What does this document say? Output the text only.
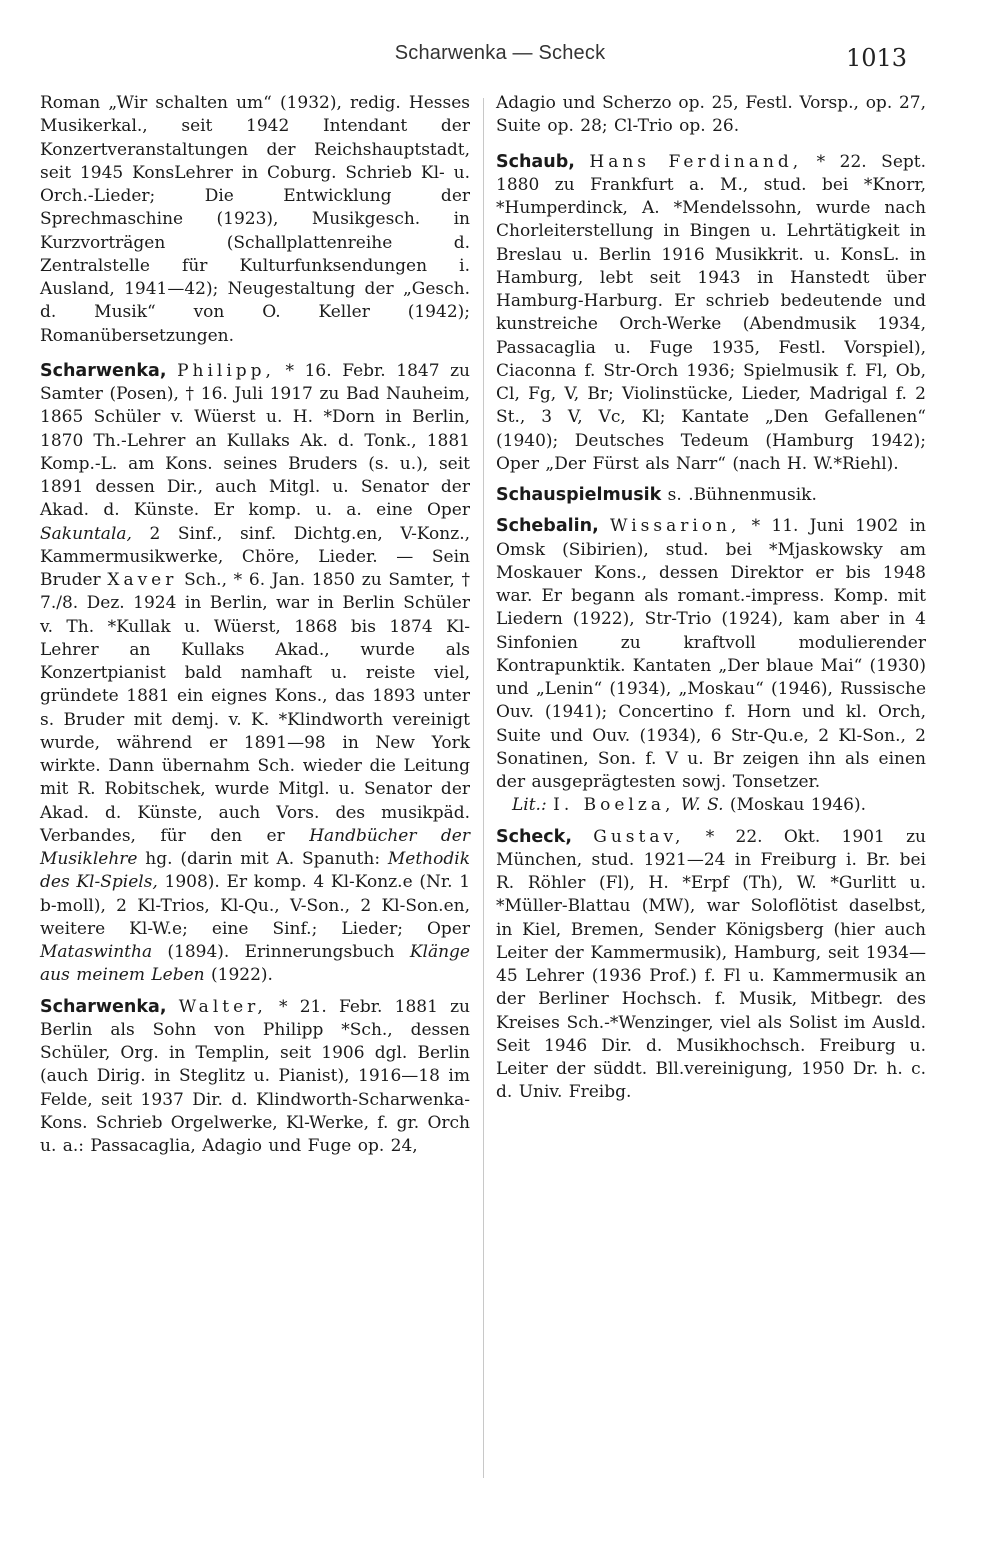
Scharwenka — Scheck	1013

Roman „Wir schalten um“ (1932), redig. Hesses Musikerkal., seit 1942 Intendant der Konzertveranstaltungen der Reichshauptstadt, seit 1945 KonsLehrer in Coburg. Schrieb Kl- u. Orch.-Lieder; Die Entwicklung der Sprechmaschine (1923), Musikgesch. in Kurzvorträgen (Schallplattenreihe d. Zentralstelle für Kulturfunksendungen i. Ausland, 1941—42); Neugestaltung der „Gesch. d. Musik“ von O. Keller (1942); Romanübersetzungen.

Scharwenka, Philipp, * 16. Febr. 1847 zu Samter (Posen), † 16. Juli 1917 zu Bad Nauheim, 1865 Schüler v. Wüerst u. H. *Dorn in Berlin, 1870 Th.-Lehrer an Kullaks Ak. d. Tonk., 1881 Komp.-L. am Kons. seines Bruders (s. u.), seit 1891 dessen Dir., auch Mitgl. u. Senator der Akad. d. Künste. Er komp. u. a. eine Oper Sakuntala, 2 Sinf., sinf. Dichtg.en, V-Konz., Kammermusikwerke, Chöre, Lieder. — Sein Bruder Xaver Sch., * 6. Jan. 1850 zu Samter, † 7./8. Dez. 1924 in Berlin, war in Berlin Schüler v. Th. *Kullak u. Wüerst, 1868 bis 1874 Kl-Lehrer an Kullaks Akad., wurde als Konzertpianist bald namhaft u. reiste viel, gründete 1881 ein eignes Kons., das 1893 unter s. Bruder mit demj. v. K. *Klindworth vereinigt wurde, während er 1891—98 in New York wirkte. Dann übernahm Sch. wieder die Leitung mit R. Robitschek, wurde Mitgl. u. Senator der Akad. d. Künste, auch Vors. des musikpäd. Verbandes, für den er Handbücher der Musiklehre hg. (darin mit A. Spanuth: Methodik des Kl-Spiels, 1908). Er komp. 4 Kl-Konz.e (Nr. 1 b-moll), 2 Kl-Trios, Kl-Qu., V-Son., 2 Kl-Son.en, weitere Kl-W.e; eine Sinf.; Lieder; Oper Mataswintha (1894). Erinnerungsbuch Klänge aus meinem Leben (1922).

Scharwenka, Walter, * 21. Febr. 1881 zu Berlin als Sohn von Philipp *Sch., dessen Schüler, Org. in Templin, seit 1906 dgl. Berlin (auch Dirig. in Steglitz u. Pianist), 1916—18 im Felde, seit 1937 Dir. d. Klindworth-Scharwenka-Kons. Schrieb Orgelwerke, Kl-Werke, f. gr. Orch u. a.: Passacaglia, Adagio und Fuge op. 24,

Adagio und Scherzo op. 25, Festl. Vorsp., op. 27, Suite op. 28; Cl-Trio op. 26.

Schaub, Hans Ferdinand, * 22. Sept. 1880 zu Frankfurt a. M., stud. bei *Knorr, *Humperdinck, A. *Mendelssohn, wurde nach Chorleiterstellung in Bingen u. Lehrtätigkeit in Breslau u. Berlin 1916 Musikkrit. u. KonsL. in Hamburg, lebt seit 1943 in Hanstedt über Hamburg-Harburg. Er schrieb bedeutende und kunstreiche Orch-Werke (Abendmusik 1934, Passacaglia u. Fuge 1935, Festl. Vorspiel), Ciaconna f. Str-Orch 1936; Spielmusik f. Fl, Ob, Cl, Fg, V, Br; Violinstücke, Lieder, Madrigal f. 2 St., 3 V, Vc, Kl; Kantate „Den Gefallenen“ (1940); Deutsches Tedeum (Hamburg 1942); Oper „Der Fürst als Narr“ (nach H. W.*Riehl).

Schauspielmusik s. .Bühnenmusik.

Schebalin, Wissarion, * 11. Juni 1902 in Omsk (Sibirien), stud. bei *Mjaskowsky am Moskauer Kons., dessen Direktor er bis 1948 war. Er begann als romant.-impress. Komp. mit Liedern (1922), Str-Trio (1924), kam aber in 4 Sinfonien zu kraftvoll modulierender Kontrapunktik. Kantaten „Der blaue Mai“ (1930) und „Lenin“ (1934), „Moskau“ (1946), Russische Ouv. (1941); Concertino f. Horn und kl. Orch, Suite und Ouv. (1934), 6 Str-Qu.e, 2 Kl-Son., 2 Sonatinen, Son. f. V u. Br zeigen ihn als einen der ausgeprägtesten sowj. Tonsetzer.
Lit.: I. Boelza, W. S. (Moskau 1946).

Scheck, Gustav, * 22. Okt. 1901 zu München, stud. 1921—24 in Freiburg i. Br. bei R. Röhler (Fl), H. *Erpf (Th), W. *Gurlitt u. *Müller-Blattau (MW), war Soloflötist daselbst, in Kiel, Bremen, Sender Königsberg (hier auch Leiter der Kammermusik), Hamburg, seit 1934—45 Lehrer (1936 Prof.) f. Fl u. Kammermusik an der Berliner Hochsch. f. Musik, Mitbegr. des Kreises Sch.-*Wenzinger, viel als Solist im Ausld. Seit 1946 Dir. d. Musikhochsch. Freiburg u. Leiter der süddt. Bll.vereinigung, 1950 Dr. h. c. d. Univ. Freibg.
